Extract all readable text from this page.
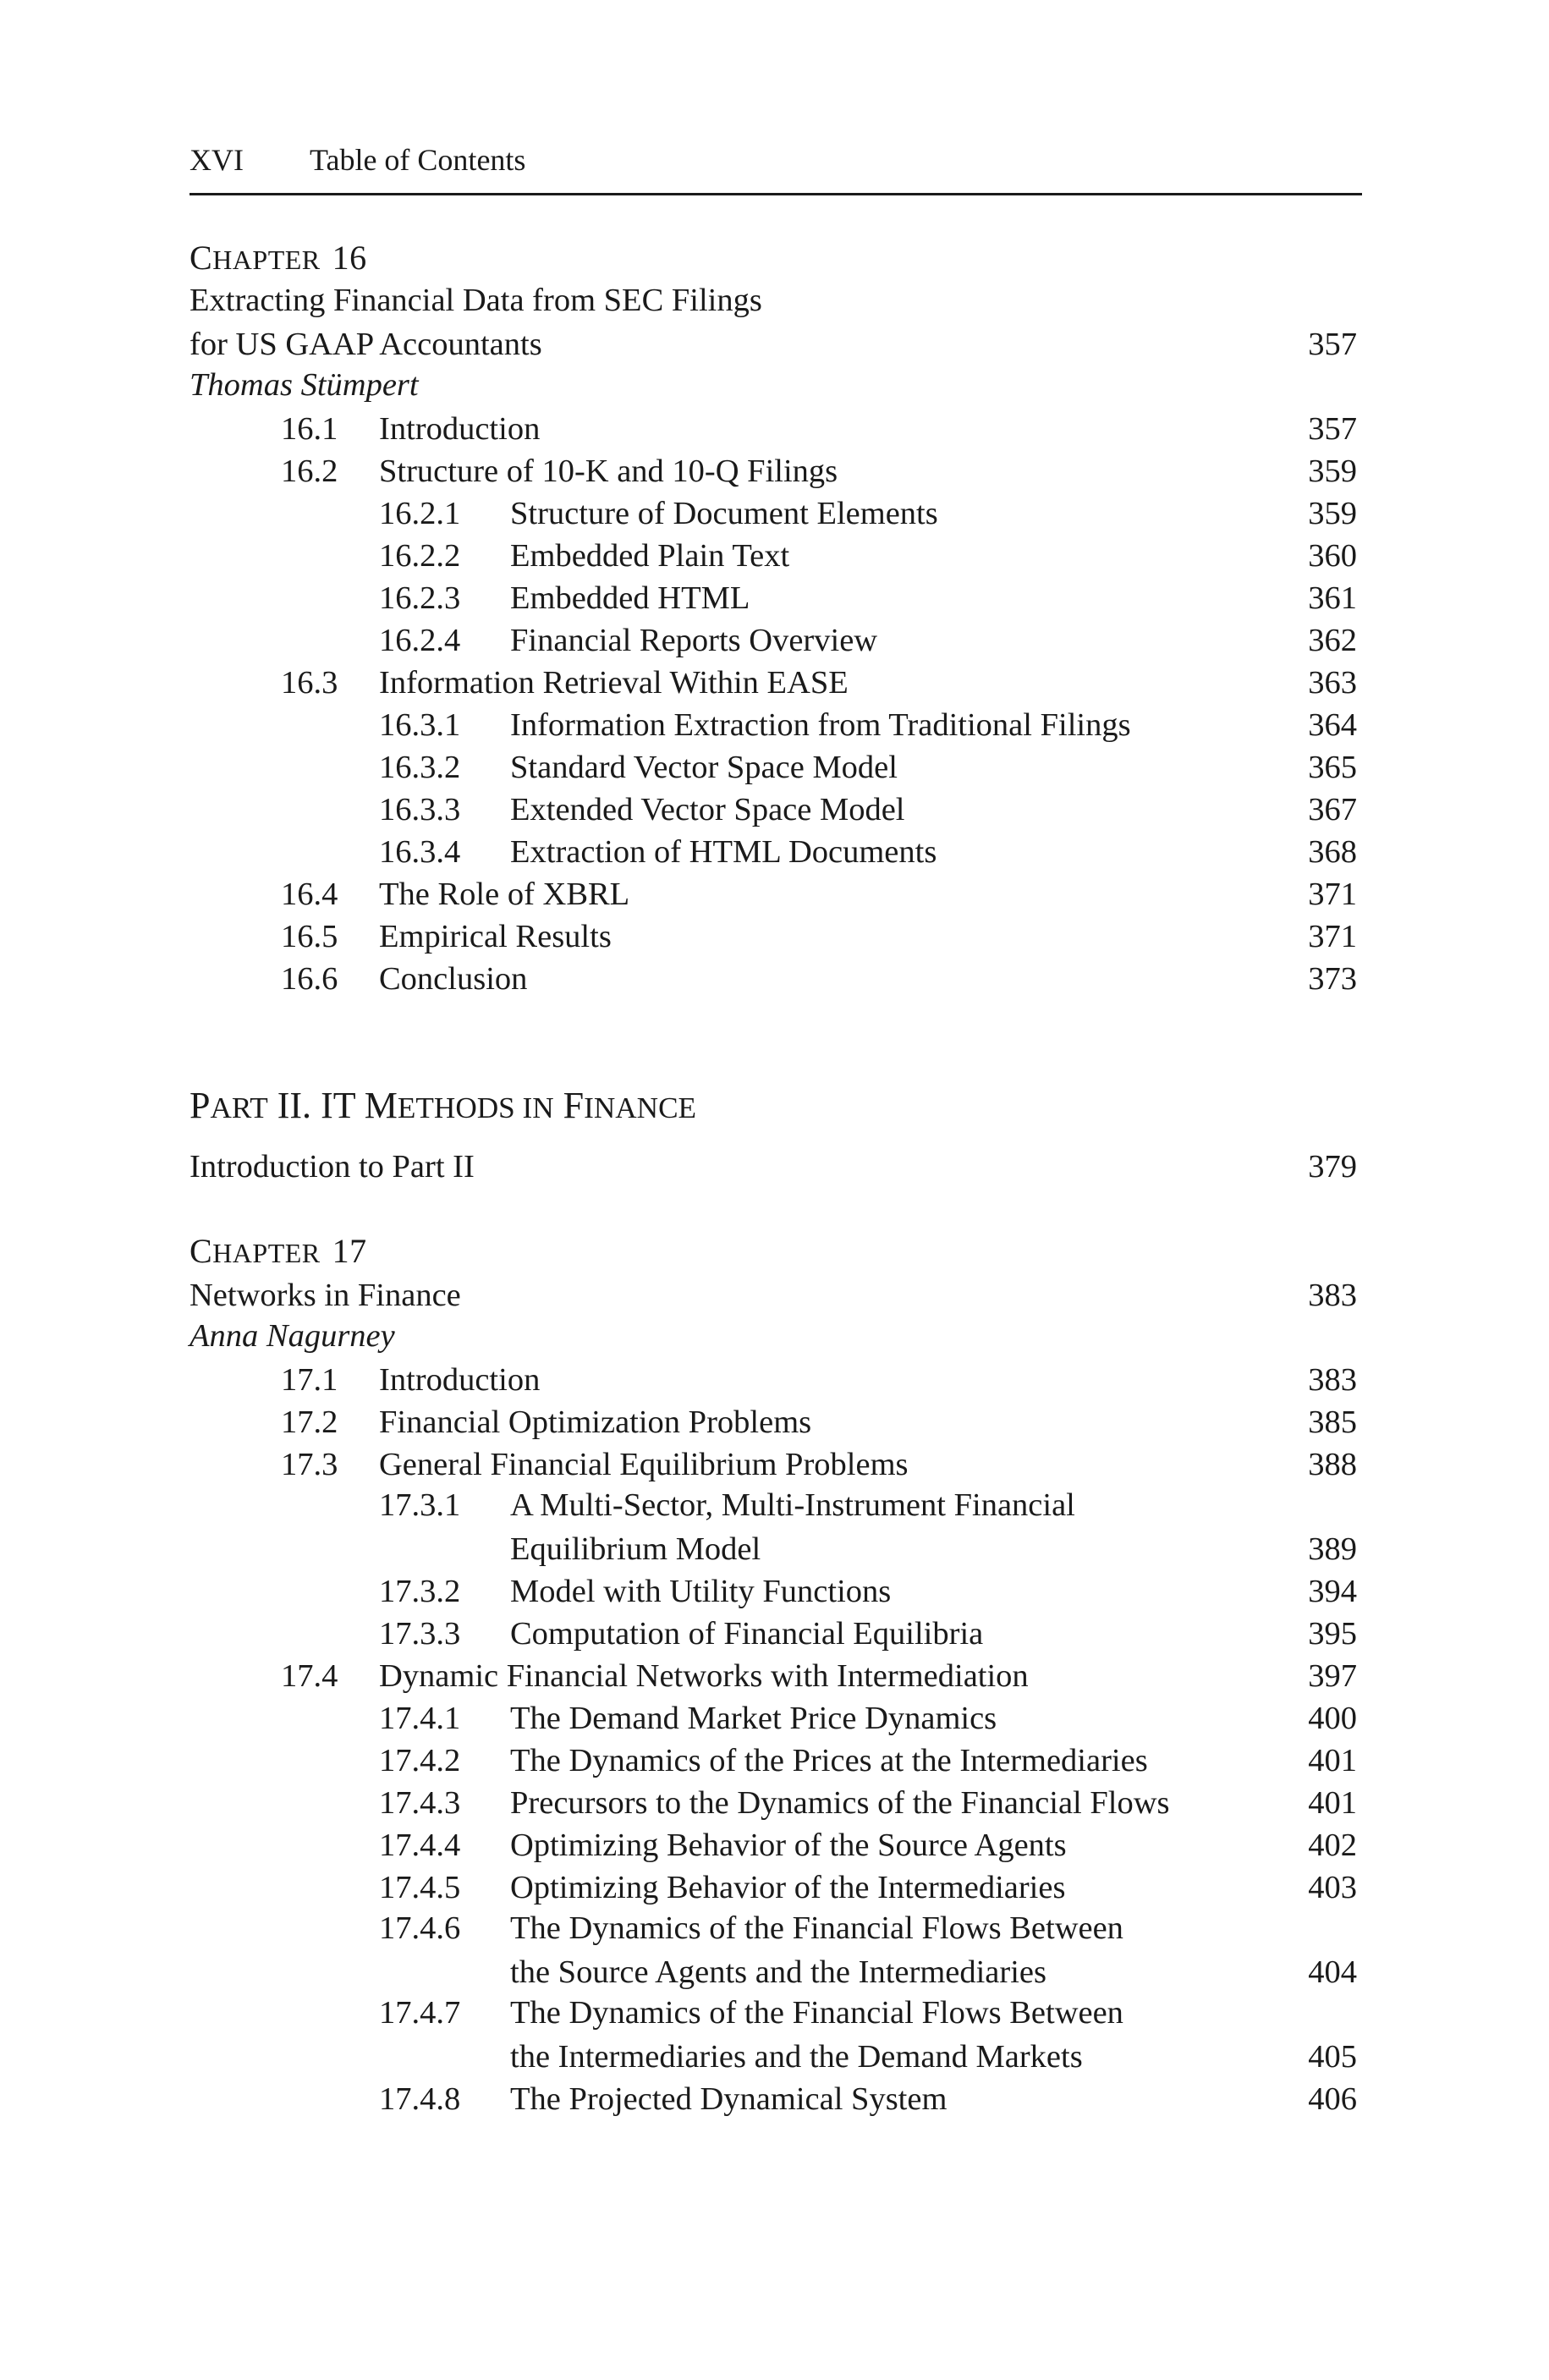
XVI Table of Contents
CHAPTER 16
Extracting Financial Data from SEC Filings
for US GAAP Accountants . . .	357
Thomas Stümpert
16.1	Introduction . . .	357
16.2	Structure of 10-K and 10-Q Filings . . .	359
16.2.1	Structure of Document Elements . . .	359
16.2.2	Embedded Plain Text . . .	360
16.2.3	Embedded HTML . . .	361
16.2.4	Financial Reports Overview . . .	362
16.3	Information Retrieval Within EASE . . .	363
16.3.1	Information Extraction from Traditional Filings . . .	364
16.3.2	Standard Vector Space Model . . .	365
16.3.3	Extended Vector Space Model . . .	367
16.3.4	Extraction of HTML Documents . . .	368
16.4	The Role of XBRL . . .	371
16.5	Empirical Results . . .	371
16.6	Conclusion . . .	373
PART II. IT METHODS IN FINANCE
Introduction to Part II . . .	379
CHAPTER 17
Networks in Finance . . .	383
Anna Nagurney
17.1	Introduction . . .	383
17.2	Financial Optimization Problems . . .	385
17.3	General Financial Equilibrium Problems . . .	388
17.3.1	A Multi-Sector, Multi-Instrument Financial
Equilibrium Model . . .	389
17.3.2	Model with Utility Functions . . .	394
17.3.3	Computation of Financial Equilibria . . .	395
17.4	Dynamic Financial Networks with Intermediation . . .	397
17.4.1	The Demand Market Price Dynamics . . .	400
17.4.2	The Dynamics of the Prices at the Intermediaries . . .	401
17.4.3	Precursors to the Dynamics of the Financial Flows . . .	401
17.4.4	Optimizing Behavior of the Source Agents . . .	402
17.4.5	Optimizing Behavior of the Intermediaries . . .	403
17.4.6	The Dynamics of the Financial Flows Between
the Source Agents and the Intermediaries . . .	404
17.4.7	The Dynamics of the Financial Flows Between
the Intermediaries and the Demand Markets . . .	405
17.4.8	The Projected Dynamical System . . .	406
